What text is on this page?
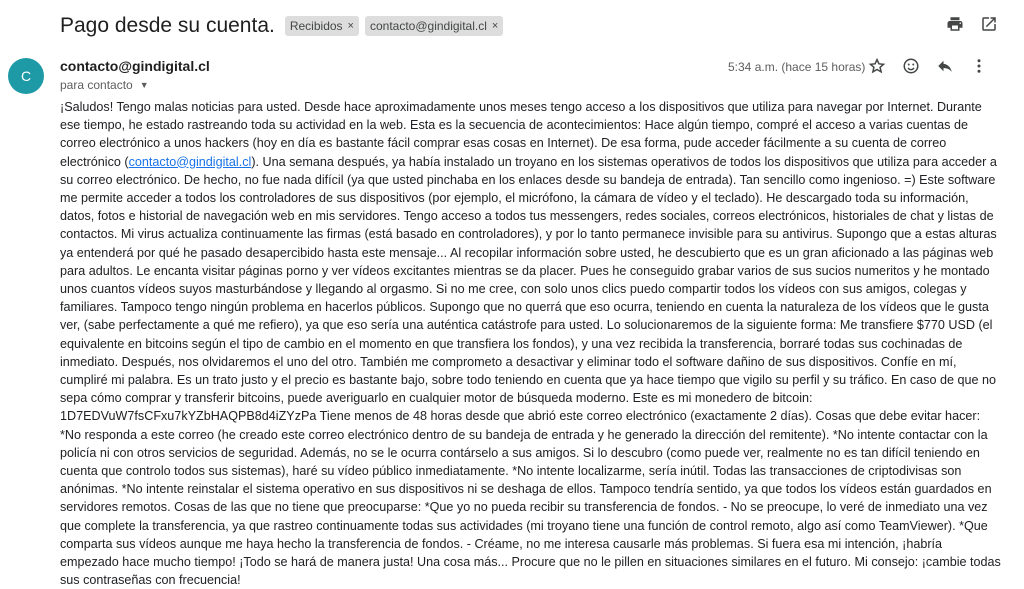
Pago desde su cuenta. Recibidos × contacto@gindigital.cl ×
C
contacto@gindigital.cl
para contacto ▼
5:34 a.m. (hace 15 horas)
¡Saludos! Tengo malas noticias para usted. Desde hace aproximadamente unos meses tengo acceso a los dispositivos que utiliza para navegar por Internet. Durante ese tiempo, he estado rastreando toda su actividad en la web. Esta es la secuencia de acontecimientos: Hace algún tiempo, compré el acceso a varias cuentas de correo electrónico a unos hackers (hoy en día es bastante fácil comprar esas cosas en Internet). De esa forma, pude acceder fácilmente a su cuenta de correo electrónico (contacto@gindigital.cl). Una semana después, ya había instalado un troyano en los sistemas operativos de todos los dispositivos que utiliza para acceder a su correo electrónico. De hecho, no fue nada difícil (ya que usted pinchaba en los enlaces desde su bandeja de entrada). Tan sencillo como ingenioso. =) Este software me permite acceder a todos los controladores de sus dispositivos (por ejemplo, el micrófono, la cámara de vídeo y el teclado). He descargado toda su información, datos, fotos e historial de navegación web en mis servidores. Tengo acceso a todos tus messengers, redes sociales, correos electrónicos, historiales de chat y listas de contactos. Mi virus actualiza continuamente las firmas (está basado en controladores), y por lo tanto permanece invisible para su antivirus. Supongo que a estas alturas ya entenderá por qué he pasado desapercibido hasta este mensaje... Al recopilar información sobre usted, he descubierto que es un gran aficionado a las páginas web para adultos. Le encanta visitar páginas porno y ver vídeos excitantes mientras se da placer. Pues he conseguido grabar varios de sus sucios numeritos y he montado unos cuantos vídeos suyos masturbándose y llegando al orgasmo. Si no me cree, con solo unos clics puedo compartir todos los vídeos con sus amigos, colegas y familiares. Tampoco tengo ningún problema en hacerlos públicos. Supongo que no querrá que eso ocurra, teniendo en cuenta la naturaleza de los vídeos que le gusta ver, (sabe perfectamente a qué me refiero), ya que eso sería una auténtica catástrofe para usted. Lo solucionaremos de la siguiente forma: Me transfiere $770 USD (el equivalente en bitcoins según el tipo de cambio en el momento en que transfiera los fondos), y una vez recibida la transferencia, borraré todas sus cochinadas de inmediato. Después, nos olvidaremos el uno del otro. También me comprometo a desactivar y eliminar todo el software dañino de sus dispositivos. Confíe en mí, cumpliré mi palabra. Es un trato justo y el precio es bastante bajo, sobre todo teniendo en cuenta que ya hace tiempo que vigilo su perfil y su tráfico. En caso de que no sepa cómo comprar y transferir bitcoins, puede averiguarlo en cualquier motor de búsqueda moderno. Este es mi monedero de bitcoin: 1D7EDVuW7fsCFxu7kYZbHAQPB8d4iZYzPa Tiene menos de 48 horas desde que abrió este correo electrónico (exactamente 2 días). Cosas que debe evitar hacer: *No responda a este correo (he creado este correo electrónico dentro de su bandeja de entrada y he generado la dirección del remitente). *No intente contactar con la policía ni con otros servicios de seguridad. Además, no se le ocurra contárselo a sus amigos. Si lo descubro (como puede ver, realmente no es tan difícil teniendo en cuenta que controlo todos sus sistemas), haré su vídeo público inmediatamente. *No intente localizarme, sería inútil. Todas las transacciones de criptodivisas son anónimas. *No intente reinstalar el sistema operativo en sus dispositivos ni se deshaga de ellos. Tampoco tendría sentido, ya que todos los vídeos están guardados en servidores remotos. Cosas de las que no tiene que preocuparse: *Que yo no pueda recibir su transferencia de fondos. - No se preocupe, lo veré de inmediato una vez que complete la transferencia, ya que rastreo continuamente todas sus actividades (mi troyano tiene una función de control remoto, algo así como TeamViewer). *Que comparta sus vídeos aunque me haya hecho la transferencia de fondos. - Créame, no me interesa causarle más problemas. Si fuera esa mi intención, ¡habría empezado hace mucho tiempo! ¡Todo se hará de manera justa! Una cosa más... Procure que no le pillen en situaciones similares en el futuro. Mi consejo: ¡cambie todas sus contraseñas con frecuencia!
